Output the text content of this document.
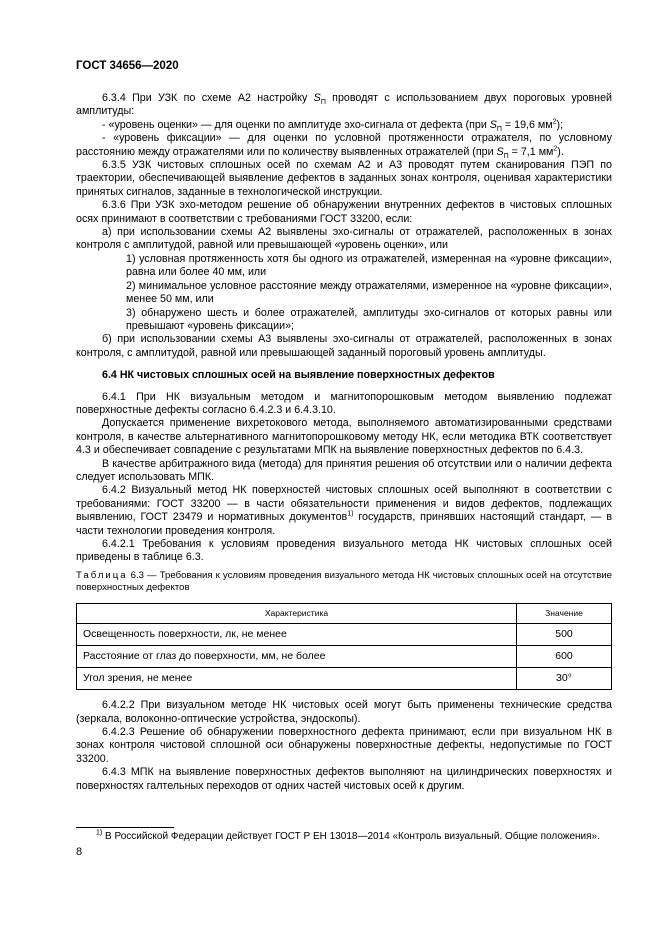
ГОСТ 34656—2020

6.3.4 При УЗК по схеме А2 настройку $S_П$ проводят с использованием двух пороговых уровней амплитуды:

- «уровень оценки» — для оценки по амплитуде эхо-сигнала от дефекта (при $S_П = 19,6$ $мм^2$);

- «уровень фиксации» — для оценки по условной протяженности отражателя, по условному расстоянию между отражателями или по количеству выявленных отражателей (при $S_П = 7,1$ $мм^2$).

6.3.5 УЗК чистовых сплошных осей по схемам А2 и А3 проводят путем сканирования ПЭП по траектории, обеспечивающей выявление дефектов в заданных зонах контроля, оценивая характеристики принятых сигналов, заданные в технологической инструкции.

6.3.6 При УЗК эхо-методом решение об обнаружении внутренних дефектов в чистовых сплошных осях принимают в соответствии с требованиями ГОСТ 33200, если:

а) при использовании схемы А2 выявлены эхо-сигналы от отражателей, расположенных в зонах контроля с амплитудой, равной или превышающей «уровень оценки», или

1) условная протяженность хотя бы одного из отражателей, измеренная на «уровне фиксации», равна или более 40 мм, или

2) минимальное условное расстояние между отражателями, измеренное на «уровне фиксации», менее 50 мм, или

3) обнаружено шесть и более отражателей, амплитуды эхо-сигналов от которых равны или превышают «уровень фиксации»;

б) при использовании схемы А3 выявлены эхо-сигналы от отражателей, расположенных в зонах контроля, с амплитудой, равной или превышающей заданный пороговый уровень амплитуды.

6.4 НК чистовых сплошных осей на выявление поверхностных дефектов

6.4.1 При НК визуальным методом и магнитопорошковым методом выявлению подлежат поверхностные дефекты согласно 6.4.2.3 и 6.4.3.10.

Допускается применение вихретокового метода, выполняемого автоматизированными средствами контроля, в качестве альтернативного магнитопорошковому методу НК, если методика ВТК соответствует 4.3 и обеспечивает совпадение с результатами МПК на выявление поверхностных дефектов по 6.4.3.

В качестве арбитражного вида (метода) для принятия решения об отсутствии или о наличии дефекта следует использовать МПК.

6.4.2 Визуальный метод НК поверхностей чистовых сплошных осей выполняют в соответствии с требованиями: ГОСТ 33200 — в части обязательности применения и видов дефектов, подлежащих выявлению, ГОСТ 23479 и нормативных документов$^{1)}$ государств, принявших настоящий стандарт, — в части технологии проведения контроля.

6.4.2.1 Требования к условиям проведения визуального метода НК чистовых сплошных осей приведены в таблице 6.3.

Таблица 6.3 — Требования к условиям проведения визуального метода НК чистовых сплошных осей на отсутствие поверхностных дефектов

Характеристика	Значение
Освещенность поверхности, лк, не менее	500
Расстояние от глаз до поверхности, мм, не более	600
Угол зрения, не менее	30°

6.4.2.2 При визуальном методе НК чистовых осей могут быть применены технические средства (зеркала, волоконно-оптические устройства, эндоскопы).

6.4.2.3 Решение об обнаружении поверхностного дефекта принимают, если при визуальном НК в зонах контроля чистовой сплошной оси обнаружены поверхностные дефекты, недопустимые по ГОСТ 33200.

6.4.3 МПК на выявление поверхностных дефектов выполняют на цилиндрических поверхностях и поверхностях галтельных переходов от одних частей чистовых осей к другим.

$^{1)}$ В Российской Федерации действует ГОСТ Р ЕН 13018—2014 «Контроль визуальный. Общие положения».

8
